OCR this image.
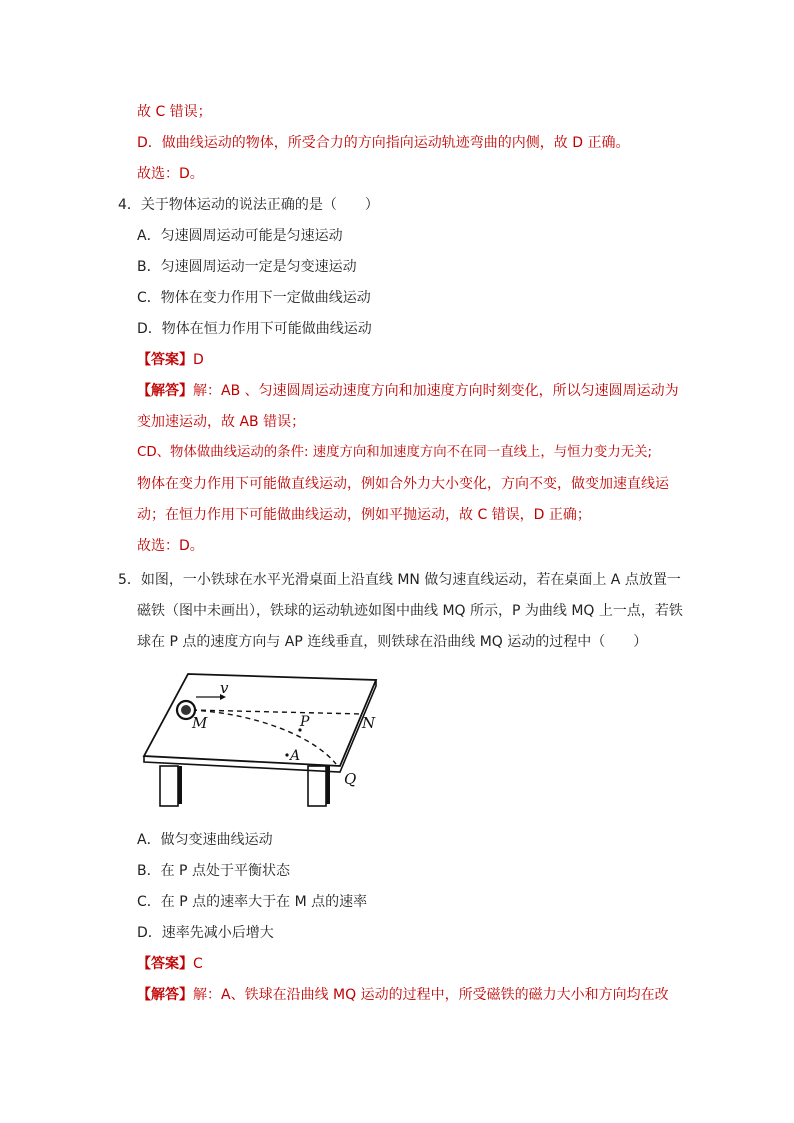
故 C 错误；
D．做曲线运动的物体，所受合力的方向指向运动轨迹弯曲的内侧，故 D 正确。
故选：D。
4．关于物体运动的说法正确的是（　　）
A．匀速圆周运动可能是匀速运动
B．匀速圆周运动一定是匀变速运动
C．物体在变力作用下一定做曲线运动
D．物体在恒力作用下可能做曲线运动
【答案】D
【解答】解：AB 、匀速圆周运动速度方向和加速度方向时刻变化，所以匀速圆周运动为
变加速运动，故 AB 错误；
CD、物体做曲线运动的条件: 速度方向和加速度方向不在同一直线上，与恒力变力无关;
物体在变力作用下可能做直线运动，例如合外力大小变化，方向不变，做变加速直线运
动；在恒力作用下可能做曲线运动，例如平抛运动，故 C 错误，D 正确；
故选：D。
5．如图，一小铁球在水平光滑桌面上沿直线 MN 做匀速直线运动，若在桌面上 A 点放置一
磁铁（图中未画出），铁球的运动轨迹如图中曲线 MQ 所示，P 为曲线 MQ 上一点，若铁
球在 P 点的速度方向与 AP 连线垂直，则铁球在沿曲线 MQ 运动的过程中（　　）
v
M	N
P
A
Q
A．做匀变速曲线运动
B．在 P 点处于平衡状态
C．在 P 点的速率大于在 M 点的速率
D．速率先减小后增大
【答案】C
【解答】解：A、铁球在沿曲线 MQ 运动的过程中，所受磁铁的磁力大小和方向均在改
